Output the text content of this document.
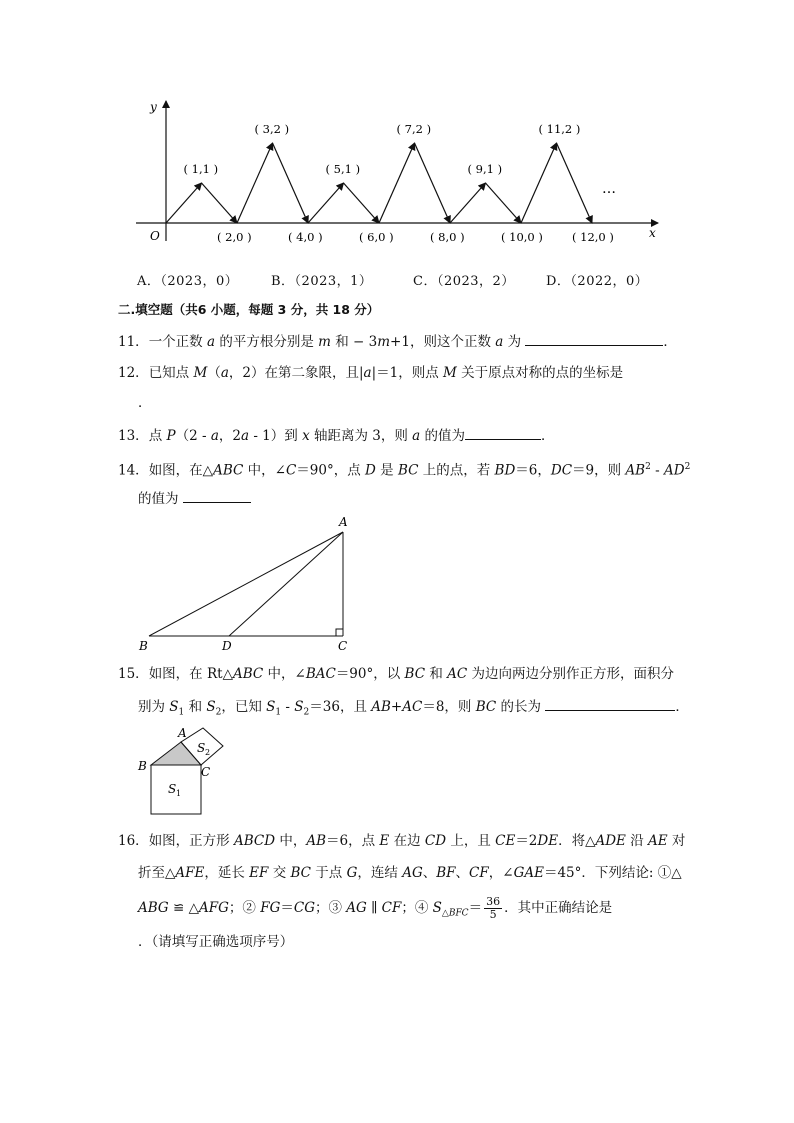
y
x
O
( 1,1 )
( 2,0 )
( 3,2 )
( 4,0 )
( 5,1 )
( 6,0 )
( 7,2 )
( 8,0 )
( 9,1 )
( 10,0 )
( 11,2 )
( 12,0 )
…
A．（2023，0）	B．（2023，1）	C．（2023，2） D．（2022，0）
二.填空题（共6 小题，每题 3 分，共 18 分）
11．一个正数 a 的平方根分别是 m 和 − 3m+1，则这个正数 a 为	．
12．已知点 M（a，2）在第二象限，且|a|＝1，则点 M 关于原点对称的点的坐标是
．
13．点 P（2 - a，2a - 1）到 x 轴距离为 3，则 a 的值为	．
14．如图，在△ABC 中，∠C＝90°，点 D 是 BC 上的点，若 BD＝6，DC＝9，则 $AB^2 - AD^2$
的值为
A
B	D	C
15．如图，在 Rt△ABC 中，∠BAC＝90°，以 BC 和 AC 为边向两边分别作正方形，面积分
别为 $S_1$ 和 $S_2$，已知 $S_1 - S_2=36$，且 AB+AC＝8，则 BC 的长为	．
A
B	C
S 1
S 2
16．如图，正方形 ABCD 中，AB＝6，点 E 在边 CD 上，且 CE＝2DE．将△ADE 沿 AE 对
折至△AFE，延长 EF 交 BC 于点 G，连结 AG、BF、CF，∠GAE＝45°．下列结论: ①△
ABG ≌ △AFG；② FG＝CG；③ AG ∥ CF；④ $S_{\triangle BFC}= \frac{36}{5}$ ．其中正确结论是
．（请填写正确选项序号）
